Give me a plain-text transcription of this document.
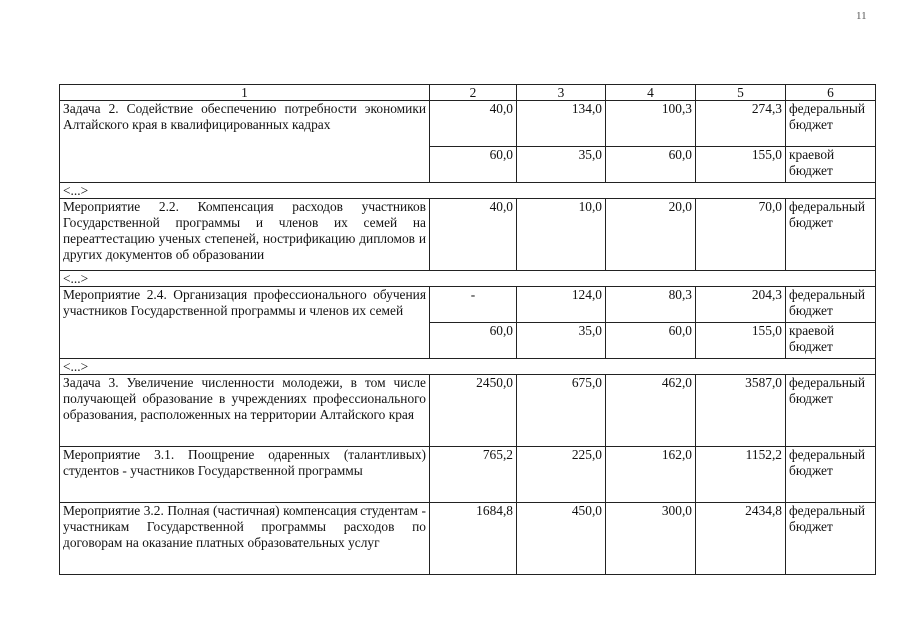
11
1	2	3	4	5	6
Задача 2. Содействие обеспечению потребности экономики Алтайского края в квалифицированных кадрах	40,0	134,0	100,3	274,3	федеральный бюджет
	60,0	35,0	60,0	155,0	краевой бюджет
<...>					
Мероприятие 2.2. Компенсация расходов участников Государственной программы и членов их семей на переаттестацию ученых степеней, нострификацию дипломов и других документов об образовании	40,0	10,0	20,0	70,0	федеральный бюджет
<...>					
Мероприятие 2.4. Организация профессионального обучения участников Государственной программы и членов их семей	-	124,0	80,3	204,3	федеральный бюджет
	60,0	35,0	60,0	155,0	краевой бюджет
<...>					
Задача 3. Увеличение численности молодежи, в том числе получающей образование в учреждениях профессионального образования, расположенных на территории Алтайского края	2450,0	675,0	462,0	3587,0	федеральный бюджет
Мероприятие 3.1. Поощрение одаренных (талантливых) студентов - участников Государственной программы	765,2	225,0	162,0	1152,2	федеральный бюджет
Мероприятие 3.2. Полная (частичная) компенсация студентам - участникам Государственной программы расходов по договорам на оказание платных образовательных услуг	1684,8	450,0	300,0	2434,8	федеральный бюджет
